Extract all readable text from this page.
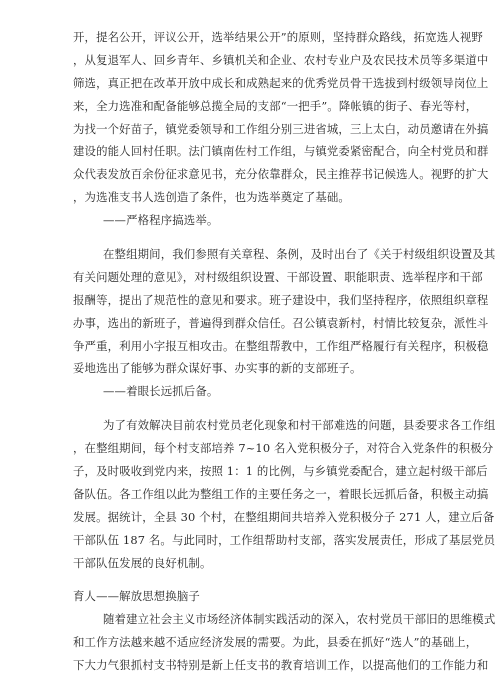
开，提名公开，评议公开，选举结果公开”的原则，坚持群众路线，拓宽选人视野
，从复退军人、回乡青年、乡镇机关和企业、农村专业户及农民技术员等多渠道中
筛选，真正把在改革开放中成长和成熟起来的优秀党员骨干选拔到村级领导岗位上
来，全力选准和配备能够总揽全局的支部“一把手”。降帐镇的街子、春光等村，
为找一个好苗子，镇党委领导和工作组分别三进省城，三上太白，动员邀请在外搞
建设的能人回村任职。法门镇南佐村工作组，与镇党委紧密配合，向全村党员和群
众代表发放百余份征求意见书，充分依靠群众，民主推荐书记候选人。视野的扩大
，为选准支书人选创造了条件，也为选举奠定了基础。
——严格程序搞选举。
在整组期间，我们参照有关章程、条例，及时出台了《关于村级组织设置及其
有关问题处理的意见》，对村级组织设置、干部设置、职能职责、选举程序和干部
报酬等，提出了规范性的意见和要求。班子建设中，我们坚持程序，依照组织章程
办事，选出的新班子，普遍得到群众信任。召公镇袁新村，村情比较复杂，派性斗
争严重，利用小字报互相攻击。在整组帮教中，工作组严格履行有关程序，积极稳
妥地选出了能够为群众谋好事、办实事的新的支部班子。
——着眼长远抓后备。
为了有效解决目前农村党员老化现象和村干部难选的问题，县委要求各工作组
，在整组期间，每个村支部培养 7~10 名入党积极分子，对符合入党条件的积极分
子，及时吸收到党内来，按照 1：1 的比例，与乡镇党委配合，建立起村级干部后
备队伍。各工作组以此为整组工作的主要任务之一，着眼长远抓后备，积极主动搞
发展。据统计，全县 30 个村，在整组期间共培养入党积极分子 271 人，建立后备
干部队伍 187 名。与此同时，工作组帮助村支部，落实发展责任，形成了基层党员
干部队伍发展的良好机制。
育人——解放思想换脑子
随着建立社会主义市场经济体制实践活动的深入，农村党员干部旧的思维模式
和工作方法越来越不适应经济发展的需要。为此，县委在抓好“选人”的基础上，
下大力气狠抓村支书特别是新上任支书的教育培训工作，以提高他们的工作能力和
